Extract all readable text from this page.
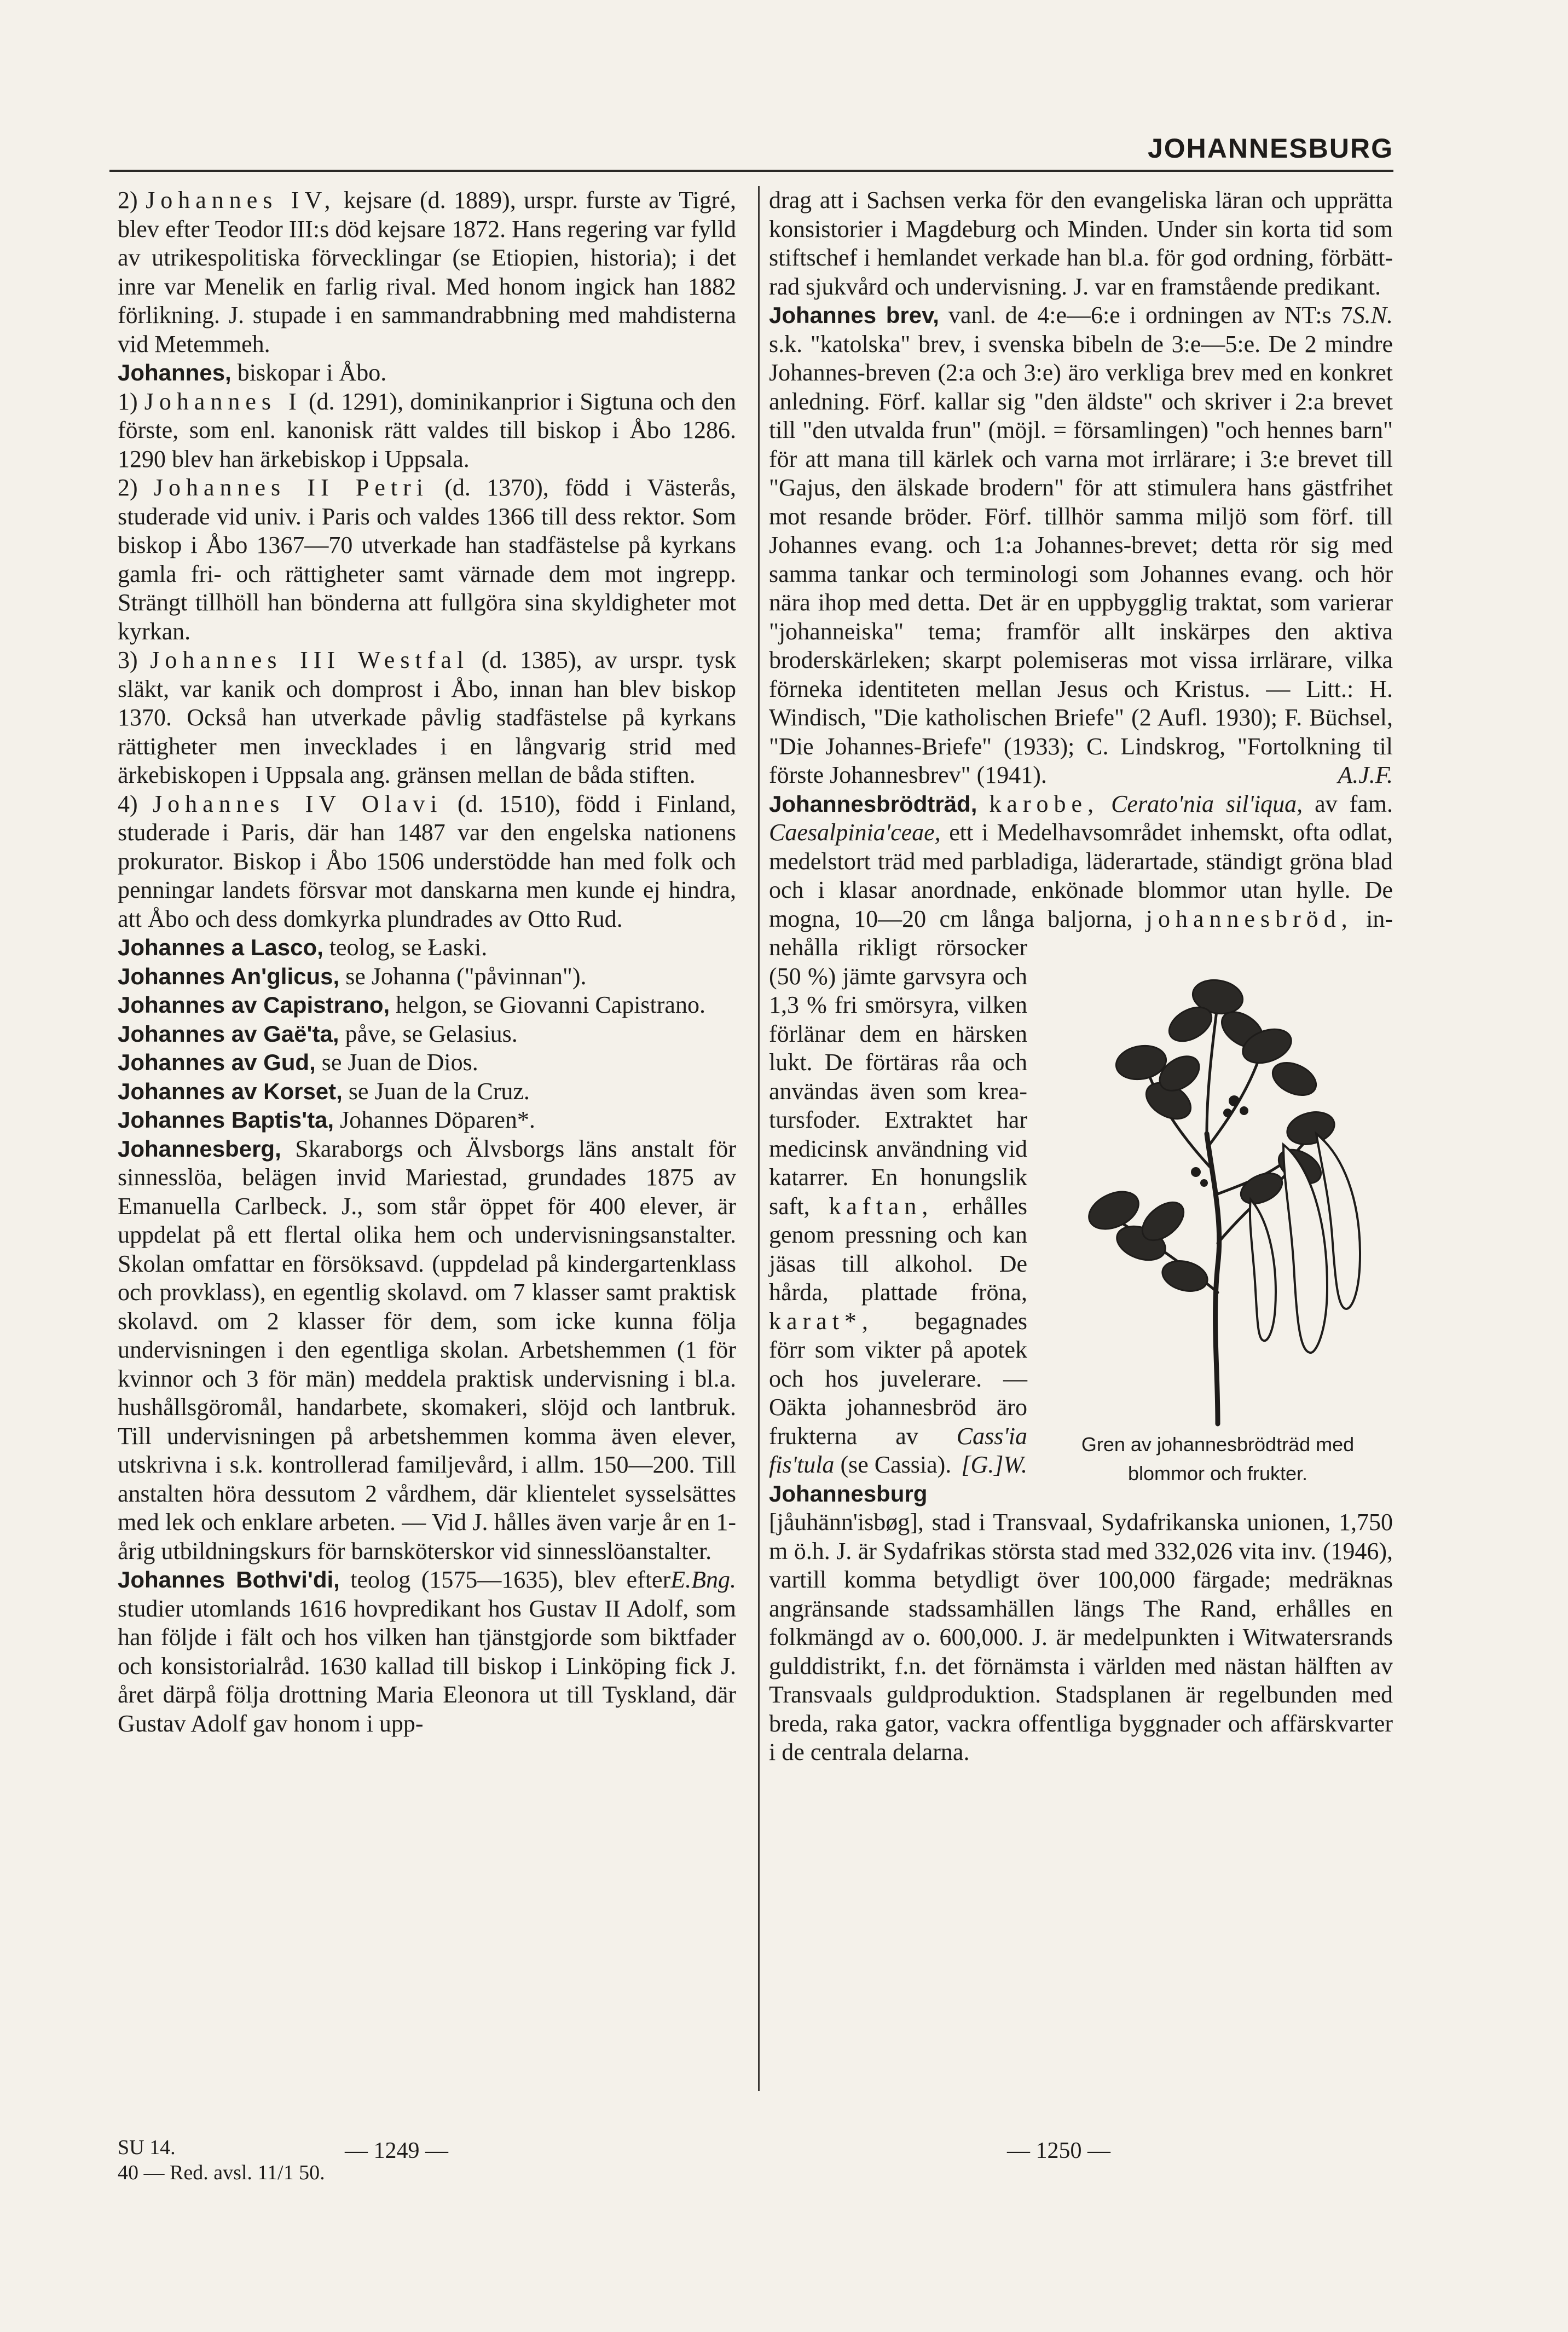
JOHANNESBURG

2) Johannes IV, kejsare (d. 1889), urspr. furste av Tigré, blev efter Teodor III:s död kejsare 1872. Hans regering var fylld av utrikespolitiska förvecklingar (se Etiopien, historia); i det inre var Menelik en farlig rival. Med honom ingick han 1882 förlikning. J. stupade i en sammandrabbning med mahdisterna vid Metemmeh.

Johannes, biskopar i Åbo.

1) Johannes I (d. 1291), dominikanprior i Sigtuna och den förste, som enl. kanonisk rätt valdes till biskop i Åbo 1286. 1290 blev han ärkebiskop i Uppsala.

2) Johannes II Petri (d. 1370), född i Västerås, studerade vid univ. i Paris och valdes 1366 till dess rektor. Som biskop i Åbo 1367—70 utverkade han stadfästelse på kyrkans gamla fri- och rättigheter samt värnade dem mot ingrepp. Strängt tillhöll han bönderna att fullgöra sina skyldigheter mot kyrkan.

3) Johannes III Westfal (d. 1385), av urspr. tysk släkt, var kanik och domprost i Åbo, innan han blev biskop 1370. Också han utverkade påvlig stadfästelse på kyrkans rättigheter men invecklades i en långvarig strid med ärkebiskopen i Uppsala ang. gränsen mellan de båda stiften.

4) Johannes IV Olavi (d. 1510), född i Finland, studerade i Paris, där han 1487 var den engelska nationens prokurator. Biskop i Åbo 1506 understödde han med folk och penningar landets försvar mot danskarna men kunde ej hindra, att Åbo och dess domkyrka plundrades av Otto Rud.

Johannes a Lasco, teolog, se Łaski.

Johannes An'glicus, se Johanna ("påvinnan").

Johannes av Capistrano, helgon, se Giovanni Capistrano.

Johannes av Gaë'ta, påve, se Gelasius.

Johannes av Gud, se Juan de Dios.

Johannes av Korset, se Juan de la Cruz.

Johannes Baptis'ta, Johannes Döparen*.

Johannesberg, Skaraborgs och Älvsborgs läns anstalt för sinnesslöa, belägen invid Mariestad, grundades 1875 av Emanuella Carlbeck. J., som står öppet för 400 elever, är uppdelat på ett flertal olika hem och undervisningsanstalter. Skolan omfattar en försöksavd. (uppdelad på kindergartenklass och provklass), en egentlig skolavd. om 7 klasser samt praktisk skolavd. om 2 klasser för dem, som icke kunna följa undervisningen i den egentliga skolan. Arbetshemmen (1 för kvinnor och 3 för män) meddela praktisk undervisning i bl.a. hushållsgöromål, handarbete, skomakeri, slöjd och lantbruk. Till undervisningen på arbetshemmen komma även elever, utskrivna i s.k. kontrollerad familjevård, i allm. 150—200. Till anstalten höra dessutom 2 vårdhem, där klientelet sysselsättes med lek och enklare arbeten. — Vid J. hålles även varje år en 1-årig utbildningskurs för barnsköterskor vid sinnesslöanstalter.
E.Bng.

Johannes Bothvi'di, teolog (1575—1635), blev efter studier utomlands 1616 hovpredikant hos Gustav II Adolf, som han följde i fält och hos vilken han tjänstgjorde som biktfader och konsistorialråd. 1630 kallad till biskop i Linköping fick J. året därpå följa drottning Maria Eleonora ut till Tyskland, där Gustav Adolf gav honom i upp-

drag att i Sachsen verka för den evangeliska läran och upprätta konsistorier i Magdeburg och Minden. Under sin korta tid som stiftschef i hemlandet verkade han bl.a. för god ordning, förbättrad sjukvård och undervisning. J. var en framstående predikant.
S.N.

Johannes brev, vanl. de 4:e—6:e i ordningen av NT:s 7 s.k. "katolska" brev, i svenska bibeln de 3:e—5:e. De 2 mindre Johannes-breven (2:a och 3:e) äro verkliga brev med en konkret anledning. Förf. kallar sig "den äldste" och skriver i 2:a brevet till "den utvalda frun" (möjl. = församlingen) "och hennes barn" för att mana till kärlek och varna mot irrlärare; i 3:e brevet till "Gajus, den älskade brodern" för att stimulera hans gästfrihet mot resande bröder. Förf. tillhör samma miljö som förf. till Johannes evang. och 1:a Johannes-brevet; detta rör sig med samma tankar och terminologi som Johannes evang. och hör nära ihop med detta. Det är en uppbygglig traktat, som varierar "johanneiska" tema; framför allt inskärpes den aktiva broderskärleken; skarpt polemiseras mot vissa irrlärare, vilka förneka identiteten mellan Jesus och Kristus. — Litt.: H. Windisch, "Die katholischen Briefe" (2 Aufl. 1930); F. Büchsel, "Die Johannes-Briefe" (1933); C. Lindskrog, "Fortolkning til förste Johannesbrev" (1941).	A.J.F.

Johannesbrödträd, karobe, Cerato'nia sil'iqua, av fam. Caesalpinia'ceae, ett i Medelhavsområdet inhemskt, ofta odlat, medelstort träd med parbladiga, läderartade, ständigt gröna blad och i klasar anordnade, enkönade blommor utan hylle. De mogna, 10—20 cm långa baljorna,
Gren av johannesbrödträd med blommor och frukter.
johannesbröd, innehålla rikligt rörsocker (50 %) jämte garvsyra och 1,3 % fri smörsyra, vilken förlänar dem en härsken lukt. De förtäras råa och användas även som kreatursfoder. Extraktet har medicinsk användning vid katarrer. En honungslik saft, kaftan, erhålles genom pressning och kan jäsas till alkohol. De hårda, plattade fröna, karat*, begagnades förr som vikter på apotek och hos juvelerare. — Oäkta johannesbröd äro frukterna av Cass'ia fis'tula (se Cassia). [G.]W.

Johannesburg [jåuhänn'isbøg], stad i Transvaal, Sydafrikanska unionen, 1,750 m ö.h. J. är Sydafrikas största stad med 332,026 vita inv. (1946), vartill komma betydligt över 100,000 färgade; medräknas angränsande stadssamhällen längs The Rand, erhålles en folkmängd av o. 600,000. J. är medelpunkten i Witwatersrands gulddistrikt, f.n. det förnämsta i världen med nästan hälften av Transvaals guldproduktion. Stadsplanen är regelbunden med breda, raka gator, vackra offentliga byggnader och affärskvarter i de centrala delarna.

SU 14.
40 — Red. avsl. 11/1 50.
— 1249 —	— 1250 —
